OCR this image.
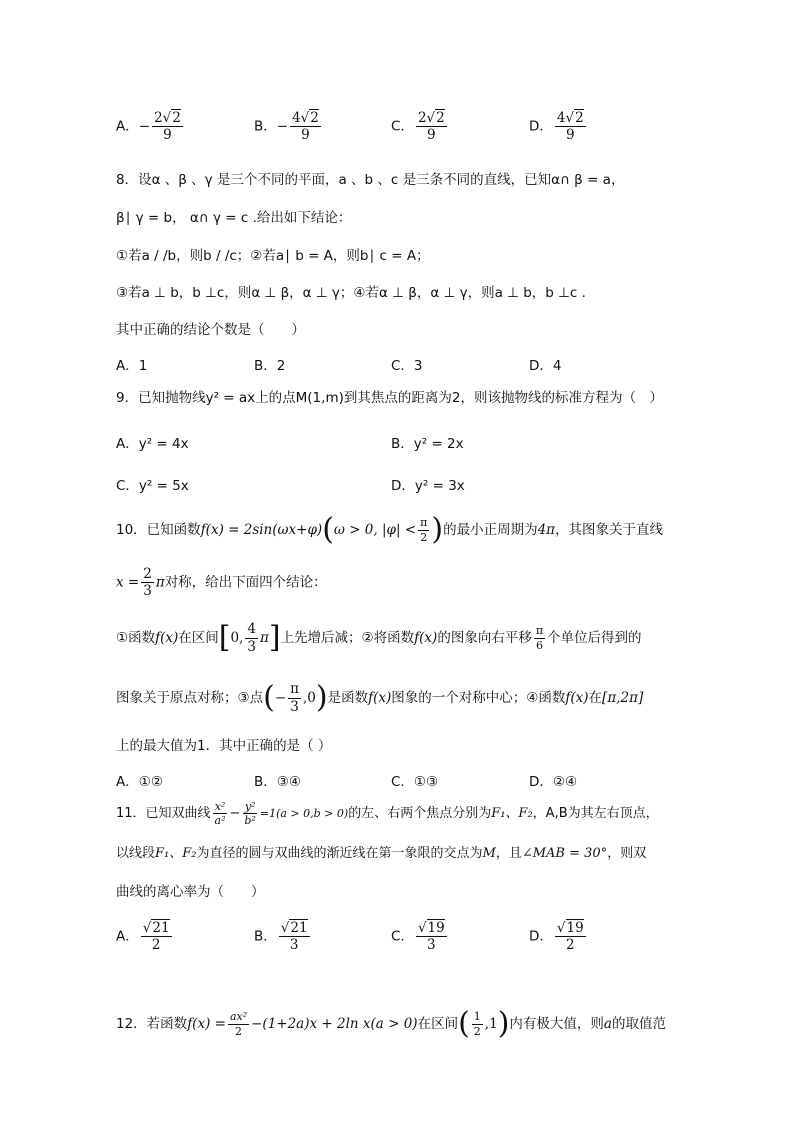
A．− $\frac{2√2}{9}$	B．− $\frac{4√2}{9}$	C． $\frac{2√2}{9}$	D． $\frac{4√2}{9}$
8．设α 、β 、γ 是三个不同的平面，a 、b 、c 是三条不同的直线，已知α∩ β = a，
β∣ γ = b， α∩ γ = c .给出如下结论：
①若a / /b，则b / /c；②若a∣ b = A，则b∣ c = A；
③若a ⊥ b，b ⊥c，则α ⊥ β，α ⊥ γ；④若α ⊥ β，α ⊥ γ，则a ⊥ b，b ⊥c .
其中正确的结论个数是（　　）
A．1	B．2	C．3	D．4
9．已知抛物线y² = ax上的点M(1,m)到其焦点的距离为2，则该抛物线的标准方程为（　）
A．y² = 4x	B．y² = 2x
C．y² = 5x	D．y² = 3x
10．已知函数f(x) = 2sin(ωx+φ)(ω > 0, $|\varphi| < \frac{\pi}{2}$ )的最小正周期为4π，其图象关于直线
$x = \frac{2}{3}$ π对称，给出下面四个结论：
①函数f(x)在区间[0, $\frac{4}{3} \pi$]上先增后减；②将函数f(x)的图象向右平移 $\frac{\pi}{6}$ 个单位后得到的
图象关于原点对称；③点(− $\frac{\pi}{3} ,0$)是函数f(x)图象的一个对称中心；④函数f(x)在[π,2π]
上的最大值为1．其中正确的是（ ）
A．①②	B．③④	C．①③	D．②④
11．已知双曲线 $\frac{\text{x²}}{\text{a²}} - \frac{\text{y²}}{\text{b²}} =1(a > 0,b > 0)$的左、右两个焦点分别为F₁、F₂，A,B为其左右顶点，
以线段F₁、F₂为直径的圆与双曲线的渐近线在第一象限的交点为M，且∠MAB = 30°，则双
曲线的离心率为（　　）
A． $\frac{√21}{2}$	B． $\frac{√21}{3}$	C． $\frac{√19}{3}$	D． $\frac{√19}{2}$
12．若函数$f(x) = \frac{\text{ax²}}{2} -(1+2a)x + 2\ln$ x(a > 0)在区间( $\frac{1}{2} ,1$)内有极大值，则a的取值范
